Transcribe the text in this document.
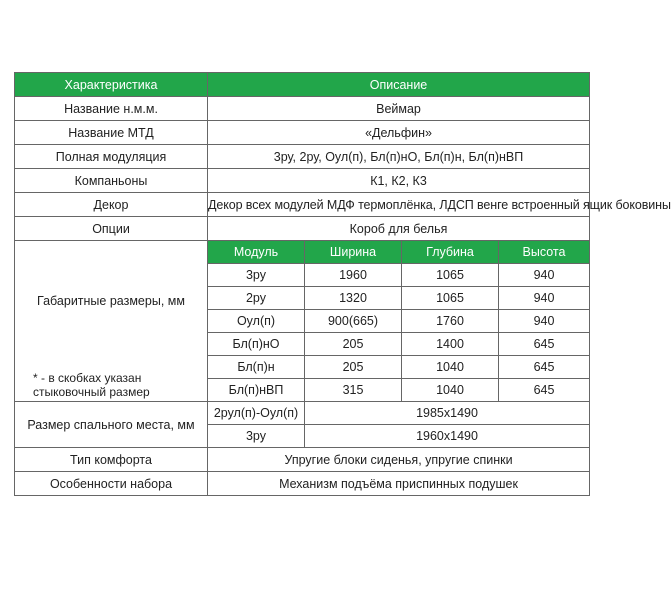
Характеристика	Описание			
Название н.м.м.	Веймар			
Название МТД	«Дельфин»			
Полная модуляция	3ру, 2ру, Оул(п), Бл(п)нО, Бл(п)н, Бл(п)нВП			
Компаньоны	К1, К2, К3			
Декор	Декор всех модулей МДФ термоплёнка, ЛДСП венге встроенный ящик боковины			
Опции	Короб для белья			

Габаритные размеры, мм
* - в скобках указан стыковочный размер	Модуль	Ширина	Глубина	Высота
	3ру	1960	1065	940
	2ру	1320	1065	940
	Оул(п)	900(665)	1760	940
	Бл(п)нО	205	1400	645
	Бл(п)н	205	1040	645
	Бл(п)нВП	315	1040	645
Размер спального места, мм	2рул(п)-Оул(п)	1985х1490		
	3ру	1960х1490		
Тип комфорта	Упругие блоки сиденья, упругие спинки			
Особенности набора	Механизм подъёма приспинных подушек			
